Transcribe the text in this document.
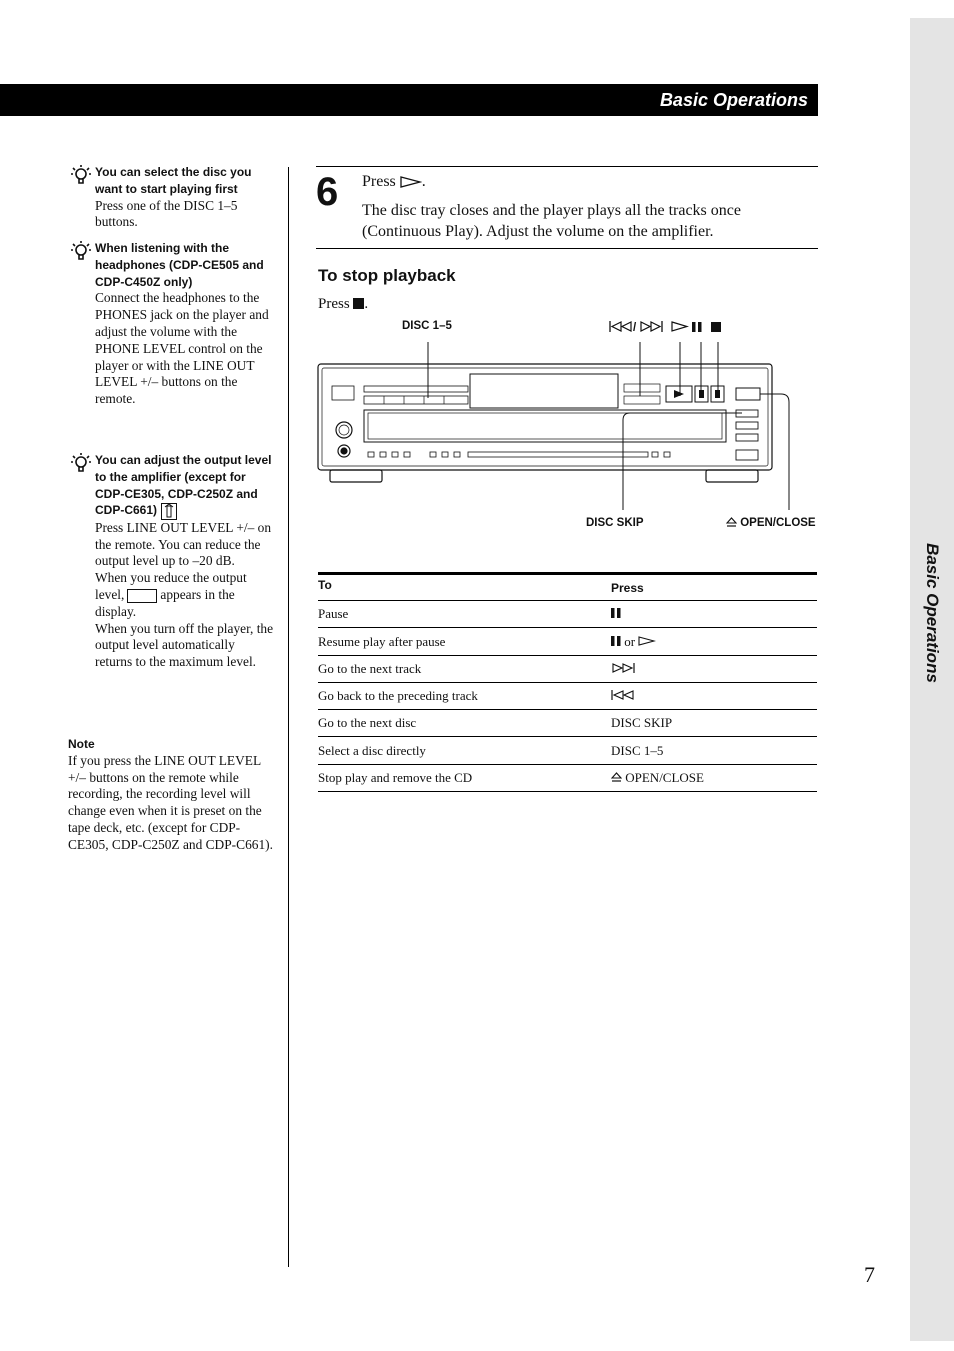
Basic Operations
Basic Operations
You can select the disc you want to start playing first

Press one of the DISC 1–5 buttons.

When listening with the headphones (CDP-CE505 and CDP-C450Z only)

Connect the headphones to the PHONES jack on the player and adjust the volume with the PHONE LEVEL control on the player or with the LINE OUT LEVEL +/– buttons on the remote.

You can adjust the output level to the amplifier (except for CDP-CE305, CDP-C250Z and CDP-C661)

Press LINE OUT LEVEL +/– on the remote. You can reduce the output level up to –20 dB.

When you reduce the output level,	appears in the display.

When you turn off the player, the output level automatically returns to the maximum level.

Note
If you press the LINE OUT LEVEL +/– buttons on the remote while recording, the recording level will change even when it is preset on the tape deck, etc. (except for CDP-CE305, CDP-C250Z and CDP-C661).
6 Press .
The disc tray closes and the player plays all the tracks once (Continuous Play). Adjust the volume on the amplifier.
To stop playback
Press .
DISC 1–5	/
DISC SKIP	OPEN/CLOSE
To	Press
Pause
Resume play after pause	or
Go to the next track
Go back to the preceding track
Go to the next disc	DISC SKIP
Select a disc directly	DISC 1–5
Stop play and remove the CD	OPEN/CLOSE
7
